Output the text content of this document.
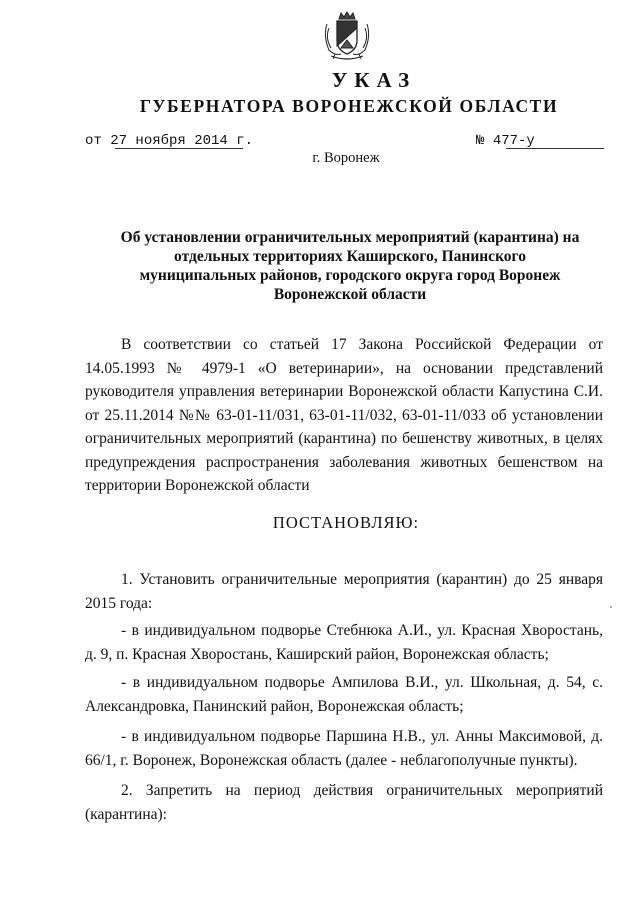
УКАЗ
ГУБЕРНАТОРА ВОРОНЕЖСКОЙ ОБЛАСТИ
от 27 ноября 2014 г.	№ 477-у
г. Воронеж
Об установлении ограничительных мероприятий (карантина) на отдельных территориях Каширского, Панинского муниципальных районов, городского округа город Воронеж Воронежской области
В соответствии со статьей 17 Закона Российской Федерации от 14.05.1993 № 4979-1 «О ветеринарии», на основании представлений руководителя управления ветеринарии Воронежской области Капустина С.И. от 25.11.2014 №№ 63-01-11/031, 63-01-11/032, 63-01-11/033 об установлении ограничительных мероприятий (карантина) по бешенству животных, в целях предупреждения распространения заболевания животных бешенством на территории Воронежской области
ПОСТАНОВЛЯЮ:
1. Установить ограничительные мероприятия (карантин) до 25 января 2015 года:
- в индивидуальном подворье Стебнюка А.И., ул. Красная Хворостань, д. 9, п. Красная Хворостань, Каширский район, Воронежская область;
- в индивидуальном подворье Ампилова В.И., ул. Школьная, д. 54, с. Александровка, Панинский район, Воронежская область;
- в индивидуальном подворье Паршина Н.В., ул. Анны Максимовой, д. 66/1, г. Воронеж, Воронежская область (далее - неблагополучные пункты).
2. Запретить на период действия ограничительных мероприятий (карантина):
